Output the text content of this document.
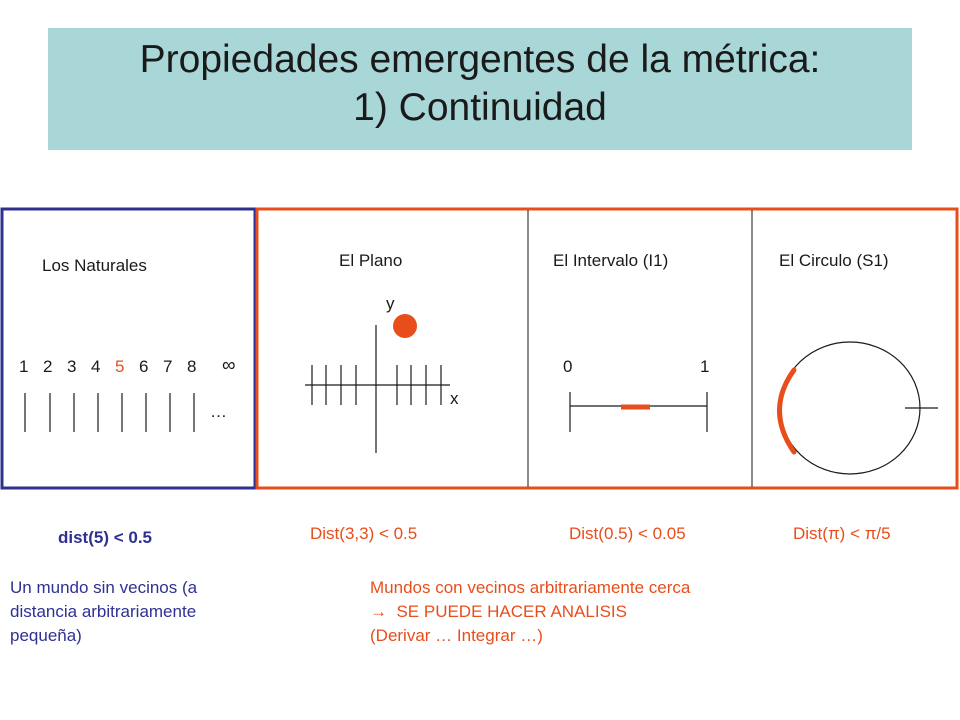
Propiedades emergentes de la métrica:
1) Continuidad
Los Naturales
1 2 3 4 5 6 7 8 ∞
…
El Plano
y
x
El Intervalo (I1)
0	1
El Circulo (S1)
dist(5) < 0.5	Dist(3,3) < 0.5	Dist(0.5) < 0.05	Dist(π) < π/5
Un mundo sin vecinos (a
distancia arbitrariamente
pequeña)
Mundos con vecinos arbitrariamente cerca
→ SE PUEDE HACER ANALISIS
(Derivar … Integrar …)
